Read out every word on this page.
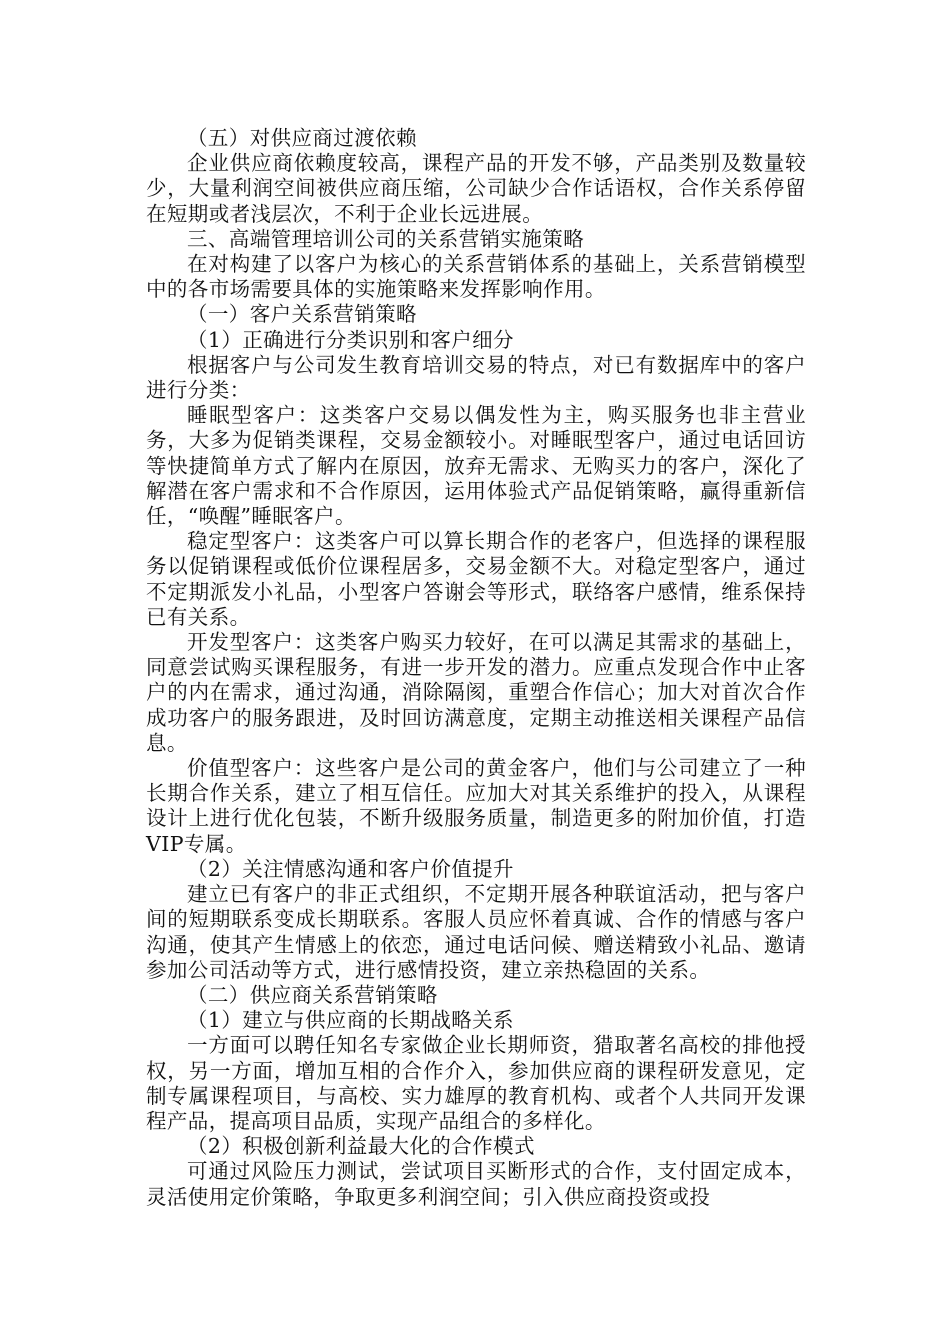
（五）对供应商过渡依赖

企业供应商依赖度较高，课程产品的开发不够，产品类别及数量较少，大量利润空间被供应商压缩，公司缺少合作话语权，合作关系停留在短期或者浅层次，不利于企业长远进展。

三、高端管理培训公司的关系营销实施策略

在对构建了以客户为核心的关系营销体系的基础上，关系营销模型中的各市场需要具体的实施策略来发挥影响作用。

（一）客户关系营销策略

（1）正确进行分类识别和客户细分

根据客户与公司发生教育培训交易的特点，对已有数据库中的客户进行分类：

睡眠型客户：这类客户交易以偶发性为主，购买服务也非主营业务，大多为促销类课程，交易金额较小。对睡眠型客户，通过电话回访等快捷简单方式了解内在原因，放弃无需求、无购买力的客户，深化了解潜在客户需求和不合作原因，运用体验式产品促销策略，赢得重新信任，“唤醒”睡眠客户。

稳定型客户：这类客户可以算长期合作的老客户，但选择的课程服务以促销课程或低价位课程居多，交易金额不大。对稳定型客户，通过不定期派发小礼品，小型客户答谢会等形式，联络客户感情，维系保持已有关系。

开发型客户：这类客户购买力较好，在可以满足其需求的基础上，同意尝试购买课程服务，有进一步开发的潜力。应重点发现合作中止客户的内在需求，通过沟通，消除隔阂，重塑合作信心；加大对首次合作成功客户的服务跟进，及时回访满意度，定期主动推送相关课程产品信息。

价值型客户：这些客户是公司的黄金客户，他们与公司建立了一种长期合作关系，建立了相互信任。应加大对其关系维护的投入，从课程设计上进行优化包装，不断升级服务质量，制造更多的附加价值，打造VIP专属。

（2）关注情感沟通和客户价值提升

建立已有客户的非正式组织，不定期开展各种联谊活动，把与客户间的短期联系变成长期联系。客服人员应怀着真诚、合作的情感与客户沟通，使其产生情感上的依恋，通过电话问候、赠送精致小礼品、邀请参加公司活动等方式，进行感情投资，建立亲热稳固的关系。

（二）供应商关系营销策略

（1）建立与供应商的长期战略关系

一方面可以聘任知名专家做企业长期师资，猎取著名高校的排他授权，另一方面，增加互相的合作介入，参加供应商的课程研发意见，定制专属课程项目，与高校、实力雄厚的教育机构、或者个人共同开发课程产品，提高项目品质，实现产品组合的多样化。

（2）积极创新利益最大化的合作模式

可通过风险压力测试，尝试项目买断形式的合作，支付固定成本，灵活使用定价策略，争取更多利润空间；引入供应商投资或投
